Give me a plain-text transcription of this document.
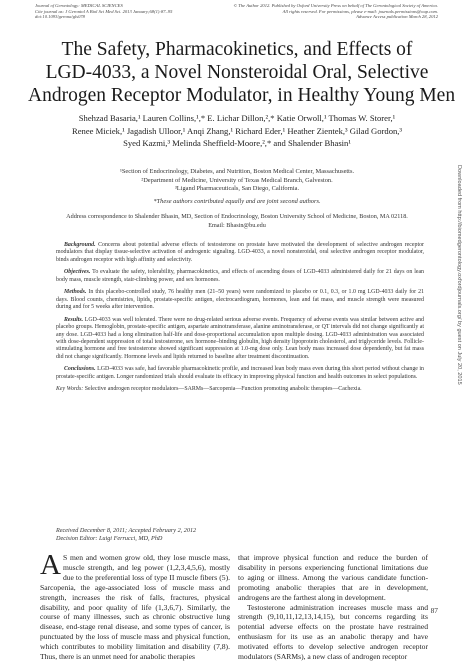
Journal of Gerontology: MEDICAL SCIENCES
Cite journal as: J Gerontol A Biol Sci Med Sci. 2013 January;68(1):87–95
doi:10.1093/gerona/gls078
© The Author 2012. Published by Oxford University Press on behalf of The Gerontological Society of America.
All rights reserved. For permissions, please e-mail: journals.permissions@oup.com.
Advance Access publication March 28, 2012
The Safety, Pharmacokinetics, and Effects of
LGD-4033, a Novel Nonsteroidal Oral, Selective
Androgen Receptor Modulator, in Healthy Young Men
Shehzad Basaria,¹ Lauren Collins,¹,* E. Lichar Dillon,²,* Katie Orwoll,¹ Thomas W. Storer,¹
Renee Miciek,¹ Jagadish Ulloor,¹ Anqi Zhang,¹ Richard Eder,¹ Heather Zientek,³ Gilad Gordon,³
Syed Kazmi,³ Melinda Sheffield-Moore,²,* and Shalender Bhasin¹
¹Section of Endocrinology, Diabetes, and Nutrition, Boston Medical Center, Massachusetts.
²Department of Medicine, University of Texas Medical Branch, Galveston.
³Ligand Pharmaceuticals, San Diego, California.
*These authors contributed equally and are joint second authors.
Address correspondence to Shalender Bhasin, MD, Section of Endocrinology, Boston University School of Medicine, Boston, MA 02118.
Email: Bhasin@bu.edu

Background. Concerns about potential adverse effects of testosterone on prostate have motivated the development of selective androgen receptor modulators that display tissue-selective activation of androgenic signaling. LGD-4033, a novel nonsteroidal, oral selective androgen receptor modulator, binds androgen receptor with high affinity and selectivity.

Objectives. To evaluate the safety, tolerability, pharmacokinetics, and effects of ascending doses of LGD-4033 administered daily for 21 days on lean body mass, muscle strength, stair-climbing power, and sex hormones.

Methods. In this placebo-controlled study, 76 healthy men (21–50 years) were randomized to placebo or 0.1, 0.3, or 1.0 mg LGD-4033 daily for 21 days. Blood counts, chemistries, lipids, prostate-specific antigen, electrocardiogram, hormones, lean and fat mass, and muscle strength were measured during and for 5 weeks after intervention.

Results. LGD-4033 was well tolerated. There were no drug-related serious adverse events. Frequency of adverse events was similar between active and placebo groups. Hemoglobin, prostate-specific antigen, aspartate aminotransferase, alanine aminotransferase, or QT intervals did not change significantly at any dose. LGD-4033 had a long elimination half-life and dose-proportional accumulation upon multiple dosing. LGD-4033 administration was associated with dose-dependent suppression of total testosterone, sex hormone–binding globulin, high density lipoprotein cholesterol, and triglyceride levels. Follicle-stimulating hormone and free testosterone showed significant suppression at 1.0-mg dose only. Lean body mass increased dose dependently, but fat mass did not change significantly. Hormone levels and lipids returned to baseline after treatment discontinuation.

Conclusions. LGD-4033 was safe, had favorable pharmacokinetic profile, and increased lean body mass even during this short period without change in prostate-specific antigen. Longer randomized trials should evaluate its efficacy in improving physical function and health outcomes in select populations.

Key Words: Selective androgen receptor modulators—SARMs—Sarcopenia—Function promoting anabolic therapies—Cachexia.

Received December 8, 2011; Accepted February 2, 2012
Decision Editor: Luigi Ferrucci, MD, PhD

A S men and women grow old, they lose muscle mass, muscle strength, and leg power (1,2,3,4,5,6), mostly due to the preferential loss of type II muscle fibers (5). Sarcopenia, the age-associated loss of muscle mass and strength, increases the risk of falls, fractures, physical disability, and poor quality of life (1,3,6,7). Similarly, the course of many illnesses, such as chronic obstructive lung disease, end-stage renal disease, and some types of cancer, is punctuated by the loss of muscle mass and physical function, which contributes to mobility limitation and disability (7,8). Thus, there is an unmet need for anabolic therapies

that improve physical function and reduce the burden of disability in persons experiencing functional limitations due to aging or illness. Among the various candidate function-promoting anabolic therapies that are in development, androgens are the farthest along in development.

Testosterone administration increases muscle mass and strength (9,10,11,12,13,14,15), but concerns regarding its potential adverse effects on the prostate have restrained enthusiasm for its use as an anabolic therapy and have motivated efforts to develop selective androgen receptor modulators (SARMs), a new class of androgen receptor

Downloaded from http://biomedgerontology.oxfordjournals.org/ by guest on July 20, 2015
87
